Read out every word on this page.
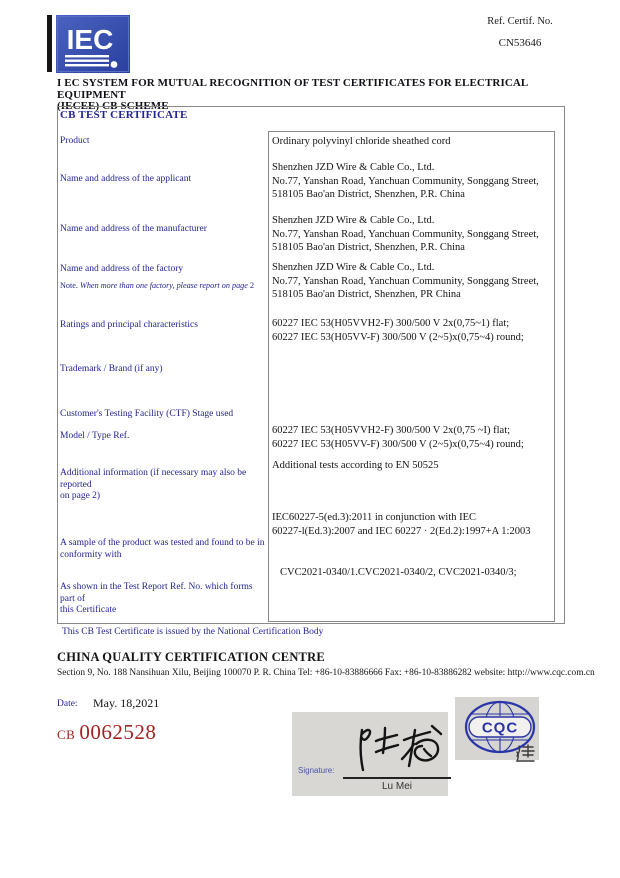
IEC
Ref. Certif. No.
CN53646
I EC SYSTEM FOR MUTUAL RECOGNITION OF TEST CERTIFICATES FOR ELECTRICAL EQUIPMENT
(IECEE) CB SCHEME
CB TEST CERTIFICATE
Product
Name and address of the applicant
Name and address of the manufacturer
Name and address of the factory
Note. When more than one factory, please report on page 2
Ratings and principal characteristics
Trademark / Brand (if any)
Customer's Testing Facility (CTF) Stage used
Model / Type Ref.
Additional information (if necessary may also be reported
on page 2)
A sample of the product was tested and found to be in
conformity with
As shown in the Test Report Ref. No. which forms part of
this Certificate
Ordinary polyvinyl chloride sheathed cord
Shenzhen JZD Wire & Cable Co., Ltd.
No.77, Yanshan Road, Yanchuan Community, Songgang Street,
518105 Bao'an District, Shenzhen, P.R. China
Shenzhen JZD Wire & Cable Co., Ltd.
No.77, Yanshan Road, Yanchuan Community, Songgang Street,
518105 Bao'an District, Shenzhen, P.R. China
Shenzhen JZD Wire & Cable Co., Ltd.
No.77, Yanshan Road, Yanchuan Community, Songgang Street,
518105 Bao'an District, Shenzhen, PR China
60227 IEC 53(H05VVH2-F) 300/500 V 2x(0,75~1) flat;
60227 IEC 53(H05VV-F) 300/500 V (2~5)x(0,75~4) round;
60227 IEC 53(H05VVH2-F) 300/500 V 2x(0,75 ~I) flat;
60227 IEC 53(H05VV-F) 300/500 V (2~5)x(0,75~4) round;
Additional tests according to EN 50525
IEC60227-5(ed.3):2011 in conjunction with IEC
60227-l(Ed.3):2007 and IEC 60227 · 2(Ed.2):1997+A 1:2003
CVC2021-0340/1.CVC2021-0340/2, CVC2021-0340/3;
This CB Test Certificate is issued by the National Certification Body
CHINA QUALITY CERTIFICATION CENTRE
Section 9, No. 188 Nansihuan Xilu, Beijing 100070 P. R. China Tel: +86-10-83886666 Fax: +86-10-83886282 website: http://www.cqc.com.cn
Date: May. 18,2021
CB 0062528	CQC
Signature:
Lu Mei
